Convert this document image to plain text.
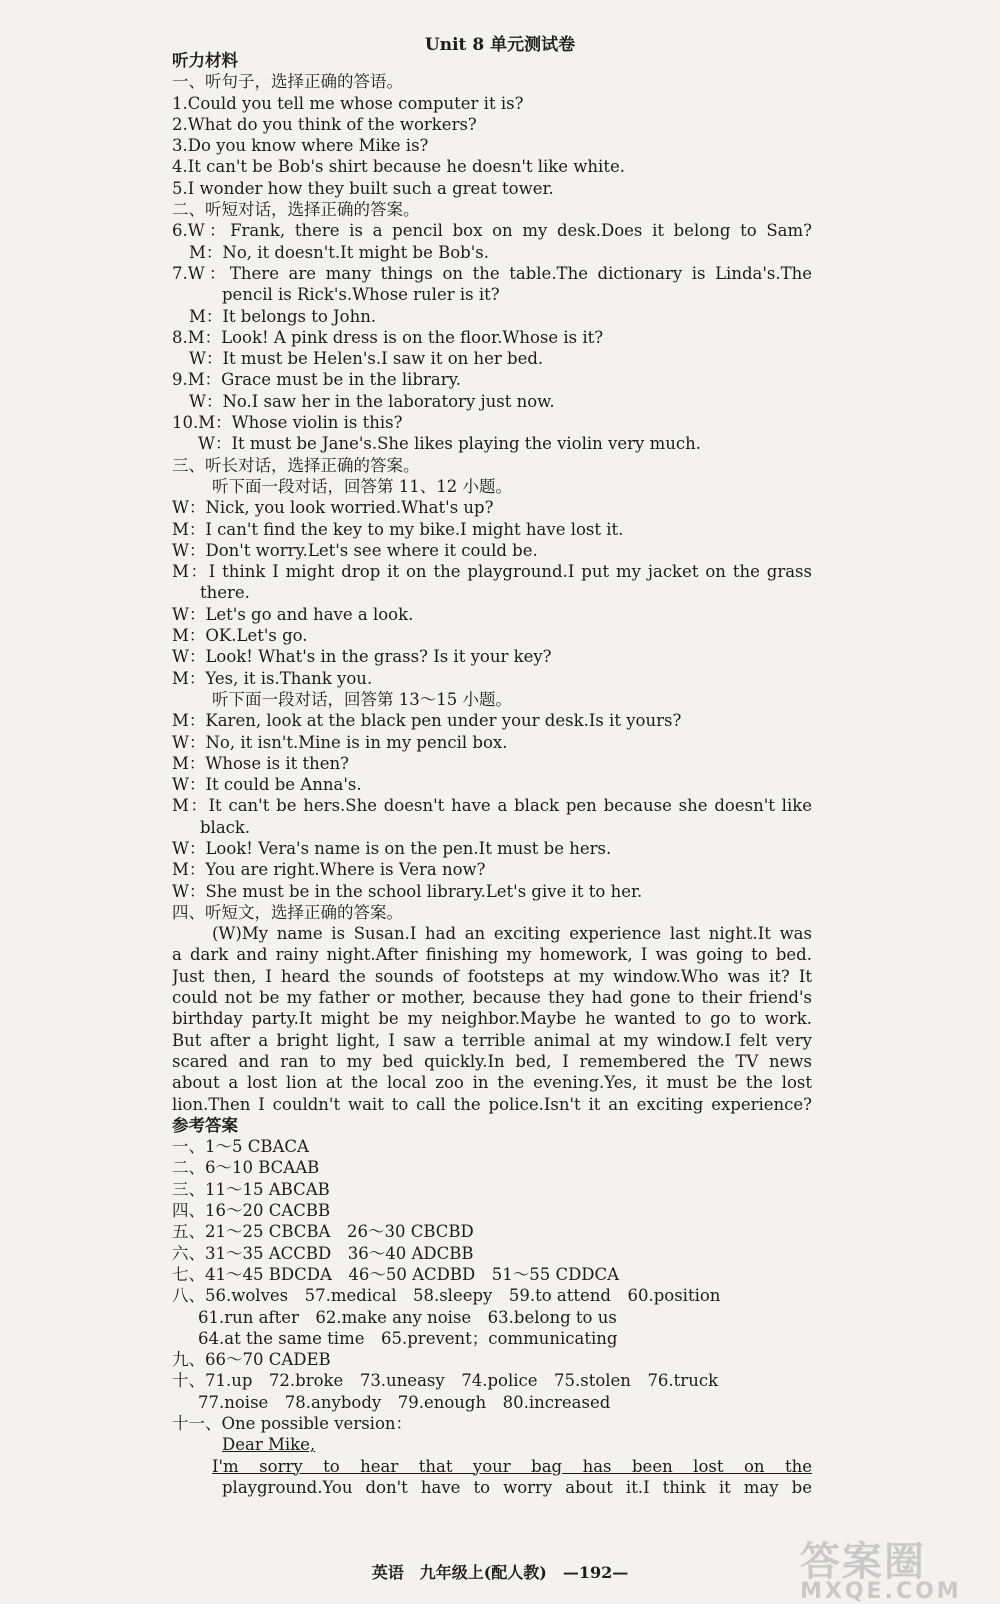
Unit 8 单元测试卷
听力材料
一、听句子，选择正确的答语。
1.Could you tell me whose computer it is?
2.What do you think of the workers?
3.Do you know where Mike is?
4.It can't be Bob's shirt because he doesn't like white.
5.I wonder how they built such a great tower.
二、听短对话，选择正确的答案。
6.W：Frank, there is a pencil box on my desk.Does it belong to Sam?
M：No, it doesn't.It might be Bob's.
7.W：There are many things on the table.The dictionary is Linda's.The
pencil is Rick's.Whose ruler is it?
M：It belongs to John.
8.M：Look! A pink dress is on the floor.Whose is it?
W：It must be Helen's.I saw it on her bed.
9.M：Grace must be in the library.
W：No.I saw her in the laboratory just now.
10.M：Whose violin is this?
W：It must be Jane's.She likes playing the violin very much.
三、听长对话，选择正确的答案。
听下面一段对话，回答第 11、12 小题。
W：Nick, you look worried.What's up?
M：I can't find the key to my bike.I might have lost it.
W：Don't worry.Let's see where it could be.
M：I think I might drop it on the playground.I put my jacket on the grass
there.
W：Let's go and have a look.
M：OK.Let's go.
W：Look! What's in the grass? Is it your key?
M：Yes, it is.Thank you.
听下面一段对话，回答第 13～15 小题。
M：Karen, look at the black pen under your desk.Is it yours?
W：No, it isn't.Mine is in my pencil box.
M：Whose is it then?
W：It could be Anna's.
M：It can't be hers.She doesn't have a black pen because she doesn't like
black.
W：Look! Vera's name is on the pen.It must be hers.
M：You are right.Where is Vera now?
W：She must be in the school library.Let's give it to her.
四、听短文，选择正确的答案。
(W)My name is Susan.I had an exciting experience last night.It was
a dark and rainy night.After finishing my homework, I was going to bed.
Just then, I heard the sounds of footsteps at my window.Who was it? It
could not be my father or mother, because they had gone to their friend's
birthday party.It might be my neighbor.Maybe he wanted to go to work.
But after a bright light, I saw a terrible animal at my window.I felt very
scared and ran to my bed quickly.In bed, I remembered the TV news
about a lost lion at the local zoo in the evening.Yes, it must be the lost
lion.Then I couldn't wait to call the police.Isn't it an exciting experience?
参考答案
一、1～5 CBACA
二、6～10 BCAAB
三、11～15 ABCAB
四、16～20 CACBB
五、21～25 CBCBA　26～30 CBCBD
六、31～35 ACCBD　36～40 ADCBB
七、41～45 BDCDA　46～50 ACDBD　51～55 CDDCA
八、56.wolves　57.medical　58.sleepy　59.to attend　60.position
61.run after　62.make any noise　63.belong to us
64.at the same time　65.prevent；communicating
九、66～70 CADEB
十、71.up　72.broke　73.uneasy　74.police　75.stolen　76.truck
77.noise　78.anybody　79.enough　80.increased
十一、One possible version：
Dear Mike,
I'm sorry to hear that your bag has been lost on the
playground.You don't have to worry about it.I think it may be
英语　九年级上(配人教)　—192—	答案圈
MXQE.COM
